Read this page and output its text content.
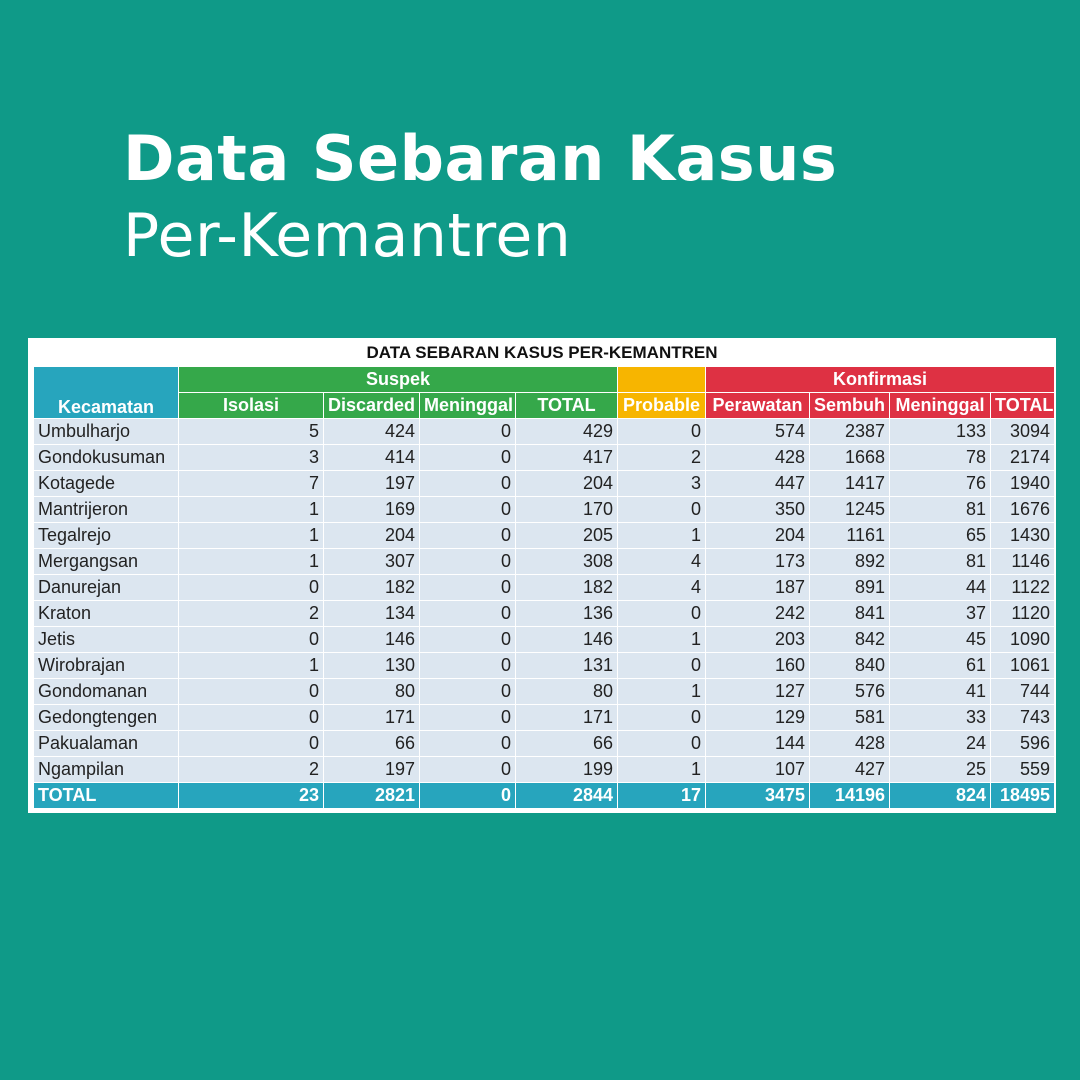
Data Sebaran Kasus
Per-Kemantren
DATA SEBARAN KASUS PER-KEMANTREN
Kecamatan	Suspek					Konfirmasi			
	Isolasi	Discarded	Meninggal	TOTAL	Probable	Perawatan	Sembuh	Meninggal	TOTAL
Umbulharjo	5	424	0	429	0	574	2387	133	3094
Gondokusuman	3	414	0	417	2	428	1668	78	2174
Kotagede	7	197	0	204	3	447	1417	76	1940
Mantrijeron	1	169	0	170	0	350	1245	81	1676
Tegalrejo	1	204	0	205	1	204	1161	65	1430
Mergangsan	1	307	0	308	4	173	892	81	1146
Danurejan	0	182	0	182	4	187	891	44	1122
Kraton	2	134	0	136	0	242	841	37	1120
Jetis	0	146	0	146	1	203	842	45	1090
Wirobrajan	1	130	0	131	0	160	840	61	1061
Gondomanan	0	80	0	80	1	127	576	41	744
Gedongtengen	0	171	0	171	0	129	581	33	743
Pakualaman	0	66	0	66	0	144	428	24	596
Ngampilan	2	197	0	199	1	107	427	25	559
TOTAL	23	2821	0	2844	17	3475	14196	824	18495
